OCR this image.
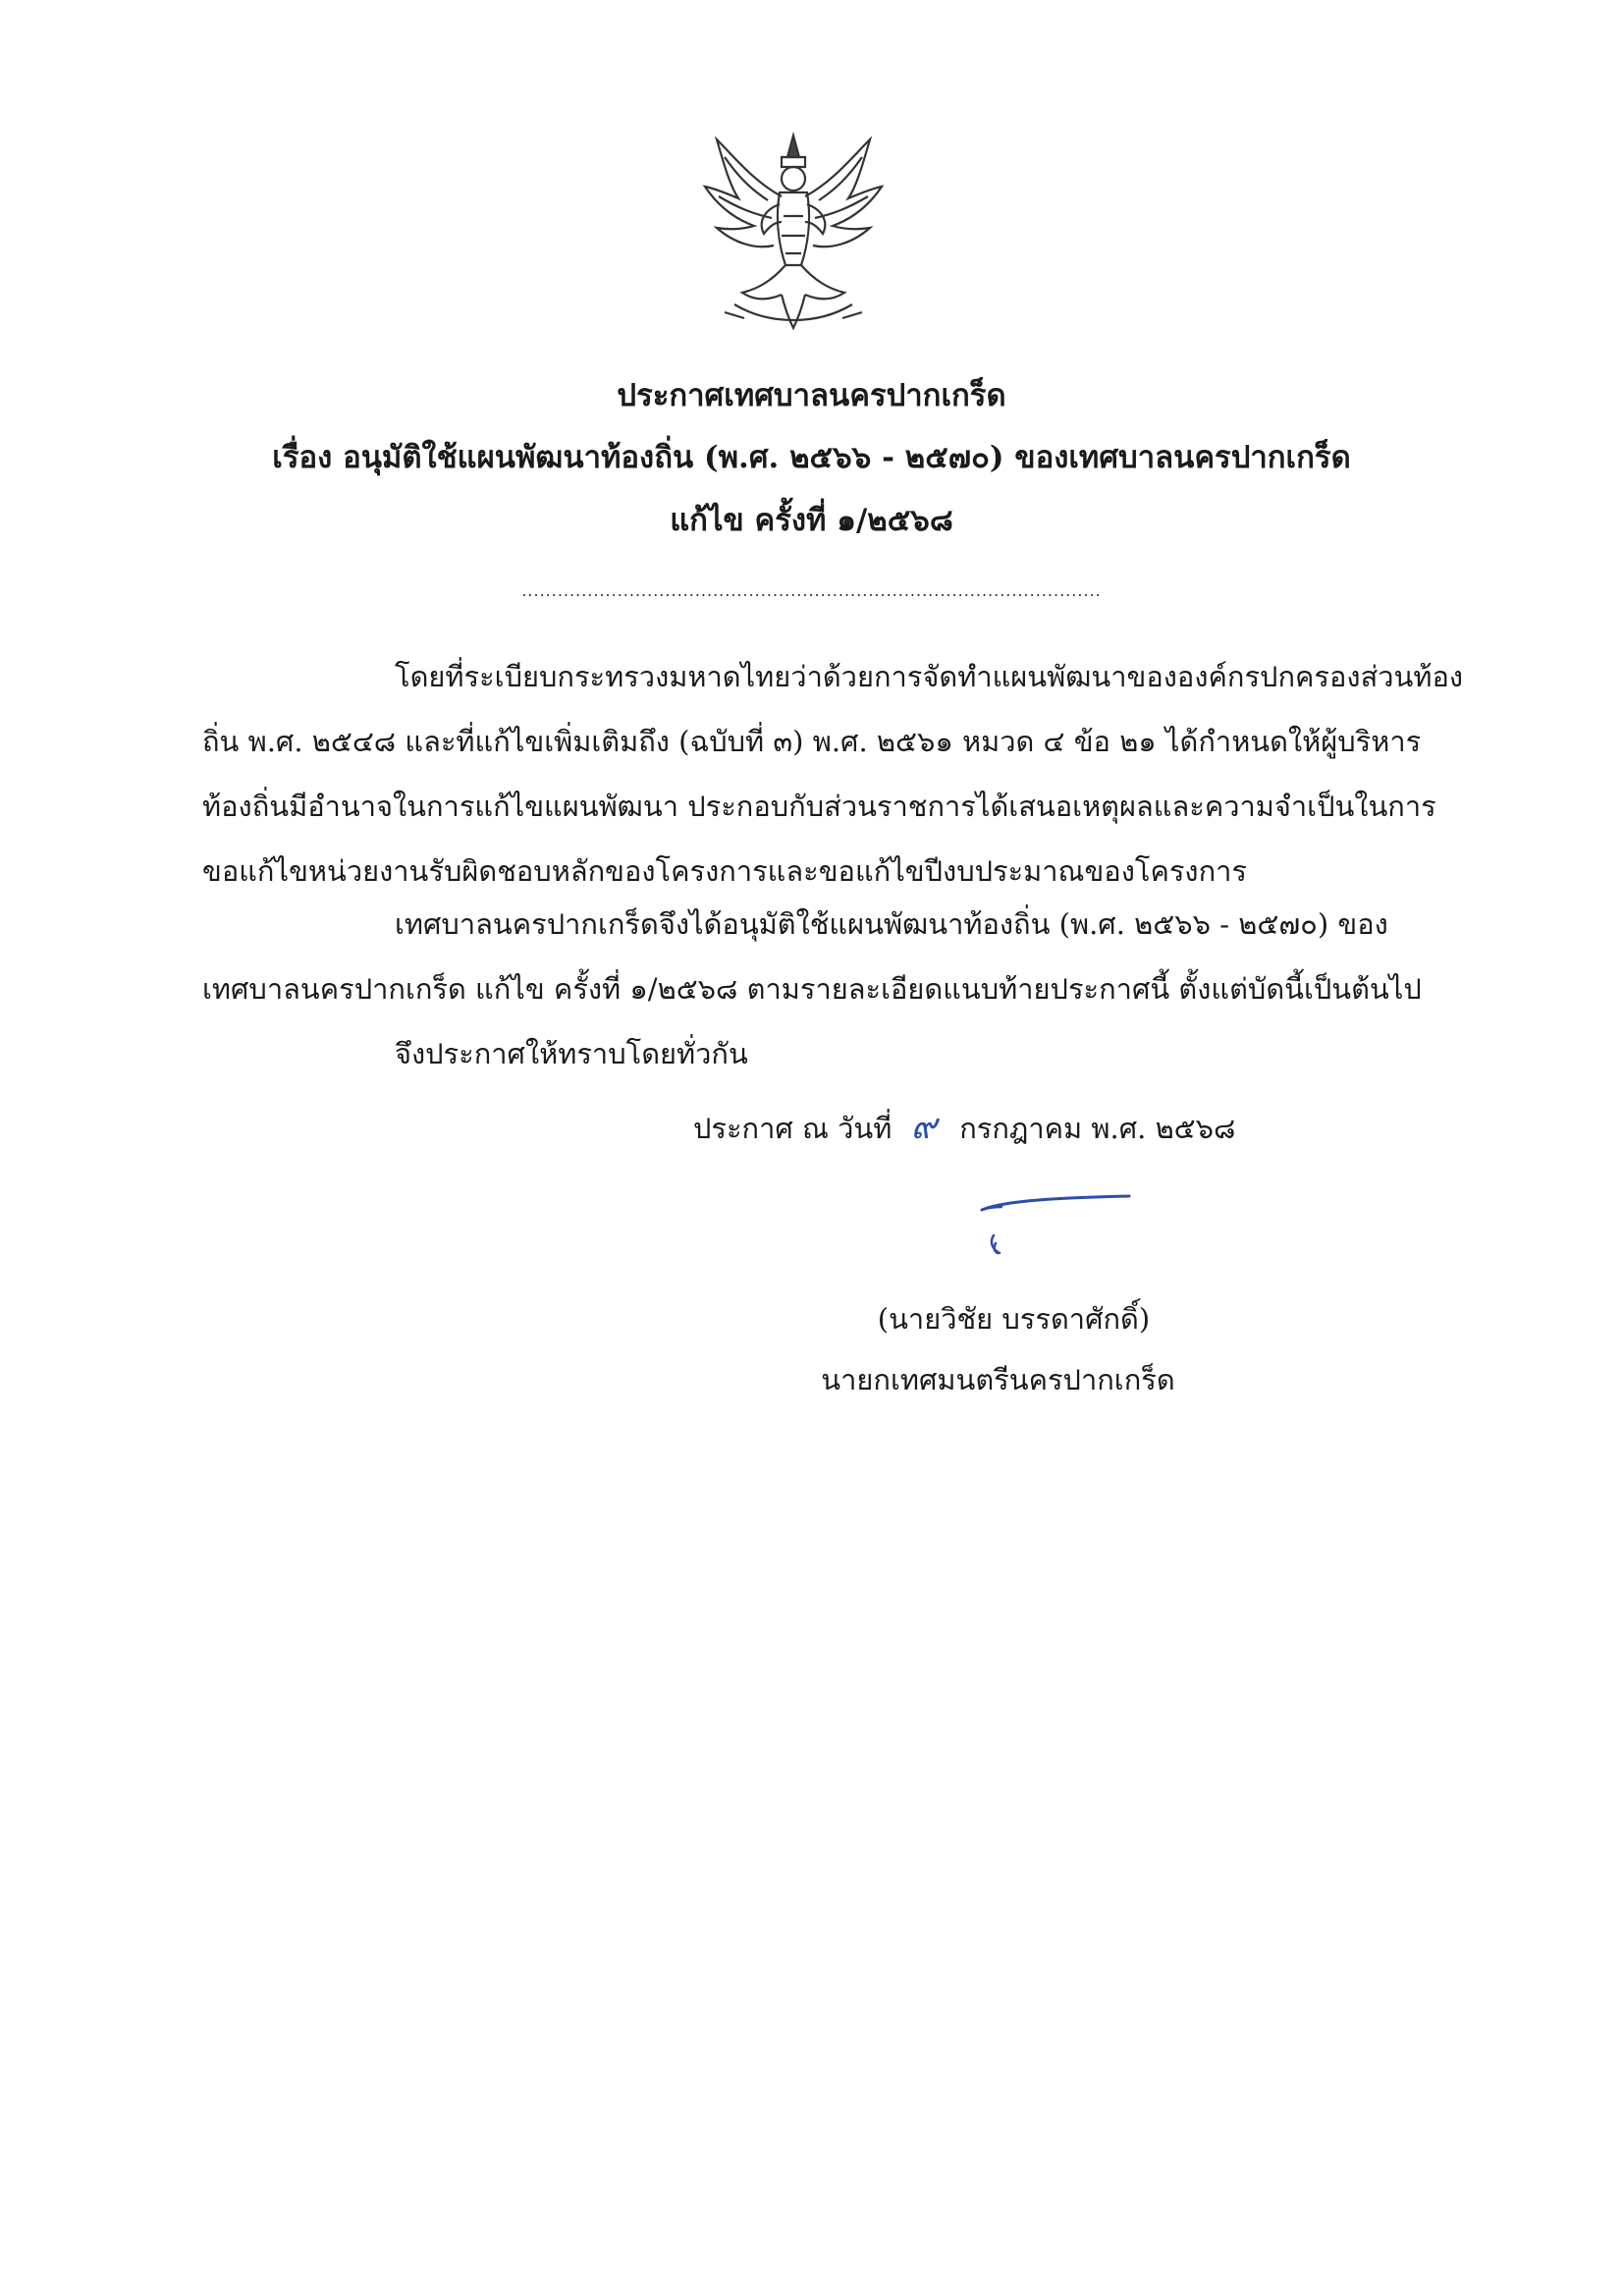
ประกาศเทศบาลนครปากเกร็ด
เรื่อง อนุมัติใช้แผนพัฒนาท้องถิ่น (พ.ศ. ๒๕๖๖ - ๒๕๗๐) ของเทศบาลนครปากเกร็ด
แก้ไข ครั้งที่ ๑/๒๕๖๘
.................................................................................................
โดยที่ระเบียบกระทรวงมหาดไทยว่าด้วยการจัดทำแผนพัฒนาขององค์กรปกครองส่วนท้องถิ่น พ.ศ. ๒๕๔๘ และที่แก้ไขเพิ่มเติมถึง (ฉบับที่ ๓) พ.ศ. ๒๕๖๑ หมวด ๔ ข้อ ๒๑ ได้กำหนดให้ผู้บริหารท้องถิ่นมีอำนาจในการแก้ไขแผนพัฒนา ประกอบกับส่วนราชการได้เสนอเหตุผลและความจำเป็นในการขอแก้ไขหน่วยงานรับผิดชอบหลักของโครงการและขอแก้ไขปีงบประมาณของโครงการ
เทศบาลนครปากเกร็ดจึงได้อนุมัติใช้แผนพัฒนาท้องถิ่น (พ.ศ. ๒๕๖๖ - ๒๕๗๐) ของเทศบาลนครปากเกร็ด แก้ไข ครั้งที่ ๑/๒๕๖๘ ตามรายละเอียดแนบท้ายประกาศนี้ ตั้งแต่บัดนี้เป็นต้นไป
จึงประกาศให้ทราบโดยทั่วกัน
ประกาศ ณ วันที่ ๙ กรกฎาคม พ.ศ. ๒๕๖๘
(นายวิชัย บรรดาศักดิ์)
นายกเทศมนตรีนครปากเกร็ด
